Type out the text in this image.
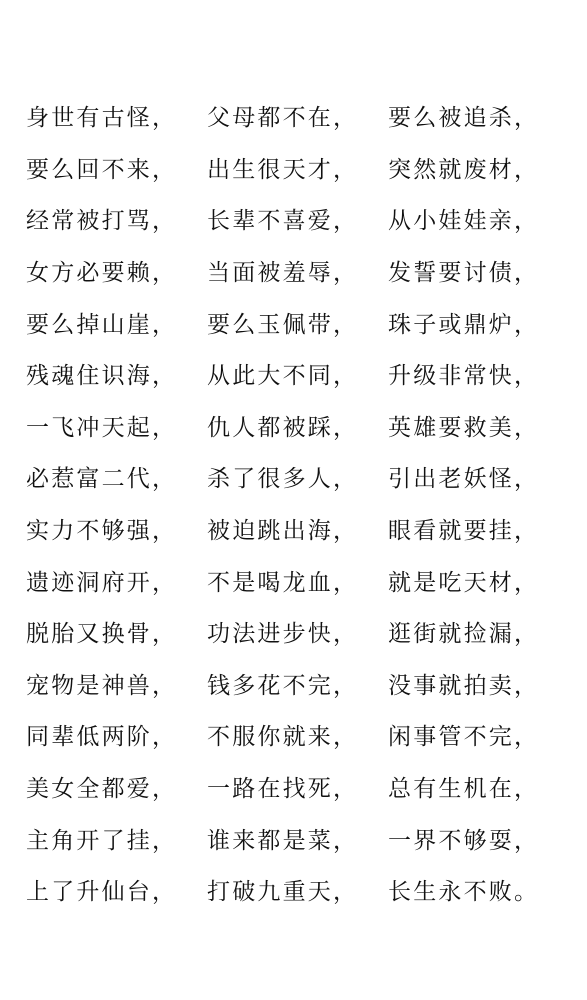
身世有古怪，	父母都不在，	要么被追杀，
要么回不来，	出生很天才，	突然就废材，
经常被打骂，	长辈不喜爱，	从小娃娃亲，
女方必要赖，	当面被羞辱，	发誓要讨债，
要么掉山崖，	要么玉佩带，	珠子或鼎炉，
残魂住识海，	从此大不同，	升级非常快，
一飞冲天起，	仇人都被踩，	英雄要救美，
必惹富二代，	杀了很多人，	引出老妖怪，
实力不够强，	被迫跳出海，	眼看就要挂，
遗迹洞府开，	不是喝龙血，	就是吃天材，
脱胎又换骨，	功法进步快，	逛街就捡漏，
宠物是神兽，	钱多花不完，	没事就拍卖，
同辈低两阶，	不服你就来，	闲事管不完，
美女全都爱，	一路在找死，	总有生机在，
主角开了挂，	谁来都是菜，	一界不够耍，
上了升仙台，	打破九重天，	长生永不败。
